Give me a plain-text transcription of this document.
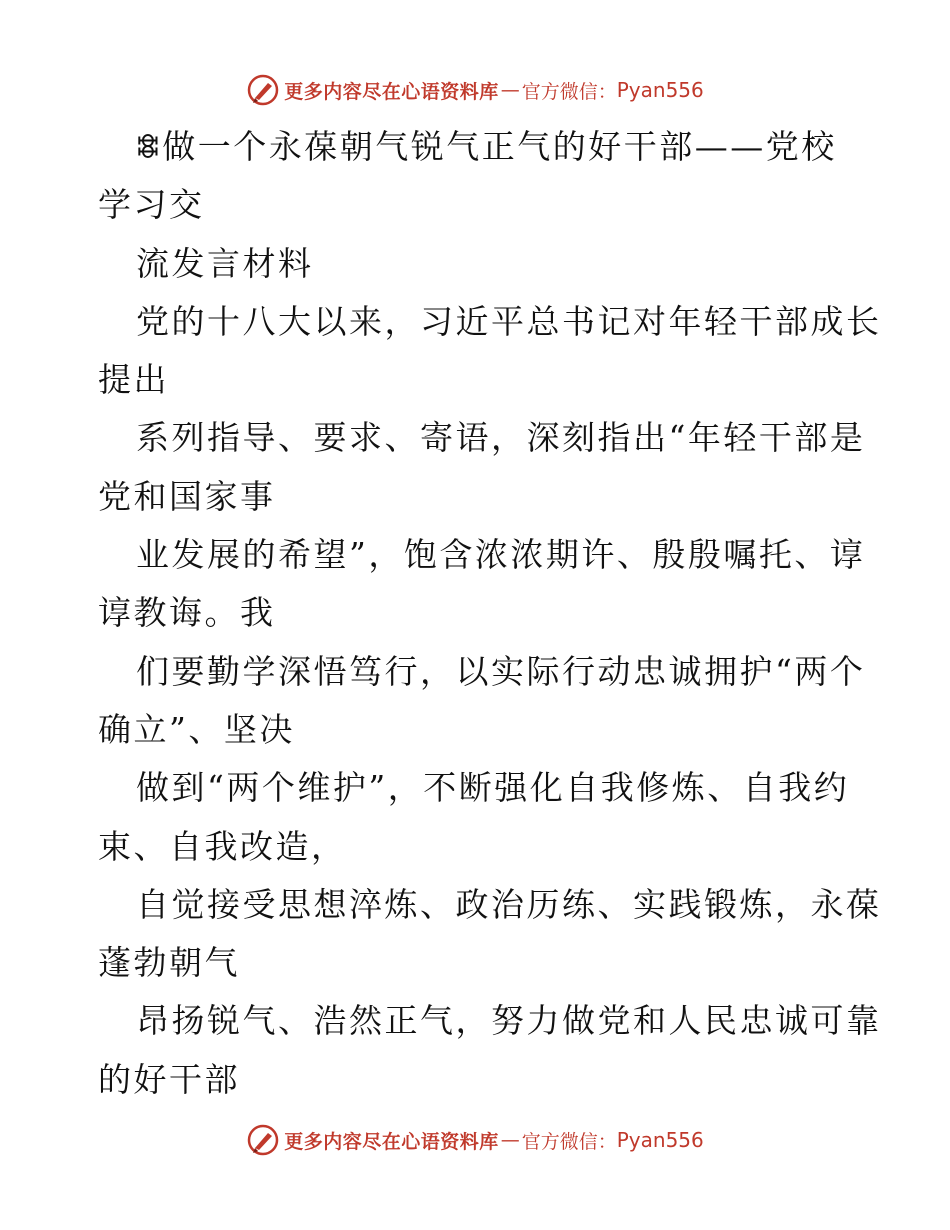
更多内容尽在心语资料库 — 官方微信： Pyan556
ꗵ做一个永葆朝气锐气正气的好干部——党校
学习交
流发言材料
党的十八大以来，习近平总书记对年轻干部成长
提出
系列指导、要求、寄语，深刻指出“年轻干部是
党和国家事
业发展的希望”，饱含浓浓期许、殷殷嘱托、谆
谆教诲。我
们要勤学深悟笃行，以实际行动忠诚拥护“两个
确立”、坚决
做到“两个维护”，不断强化自我修炼、自我约
束、自我改造，
自觉接受思想淬炼、政治历练、实践锻炼，永葆
蓬勃朝气
昂扬锐气、浩然正气，努力做党和人民忠诚可靠
的好干部
更多内容尽在心语资料库 — 官方微信： Pyan556
